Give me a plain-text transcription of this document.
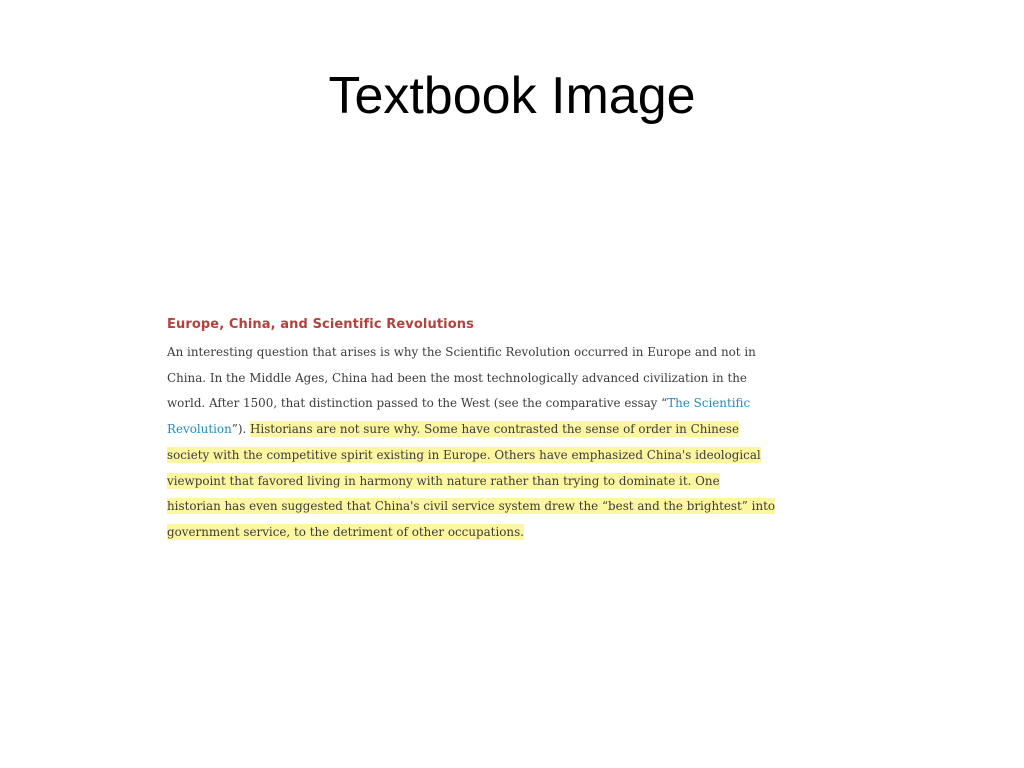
Textbook Image
Europe, China, and Scientific Revolutions

An interesting question that arises is why the Scientific Revolution occurred in Europe and not in
China. In the Middle Ages, China had been the most technologically advanced civilization in the
world. After 1500, that distinction passed to the West (see the comparative essay “The Scientific
Revolution”). Historians are not sure why. Some have contrasted the sense of order in Chinese
society with the competitive spirit existing in Europe. Others have emphasized China's ideological
viewpoint that favored living in harmony with nature rather than trying to dominate it. One
historian has even suggested that China's civil service system drew the “best and the brightest” into
government service, to the detriment of other occupations.
